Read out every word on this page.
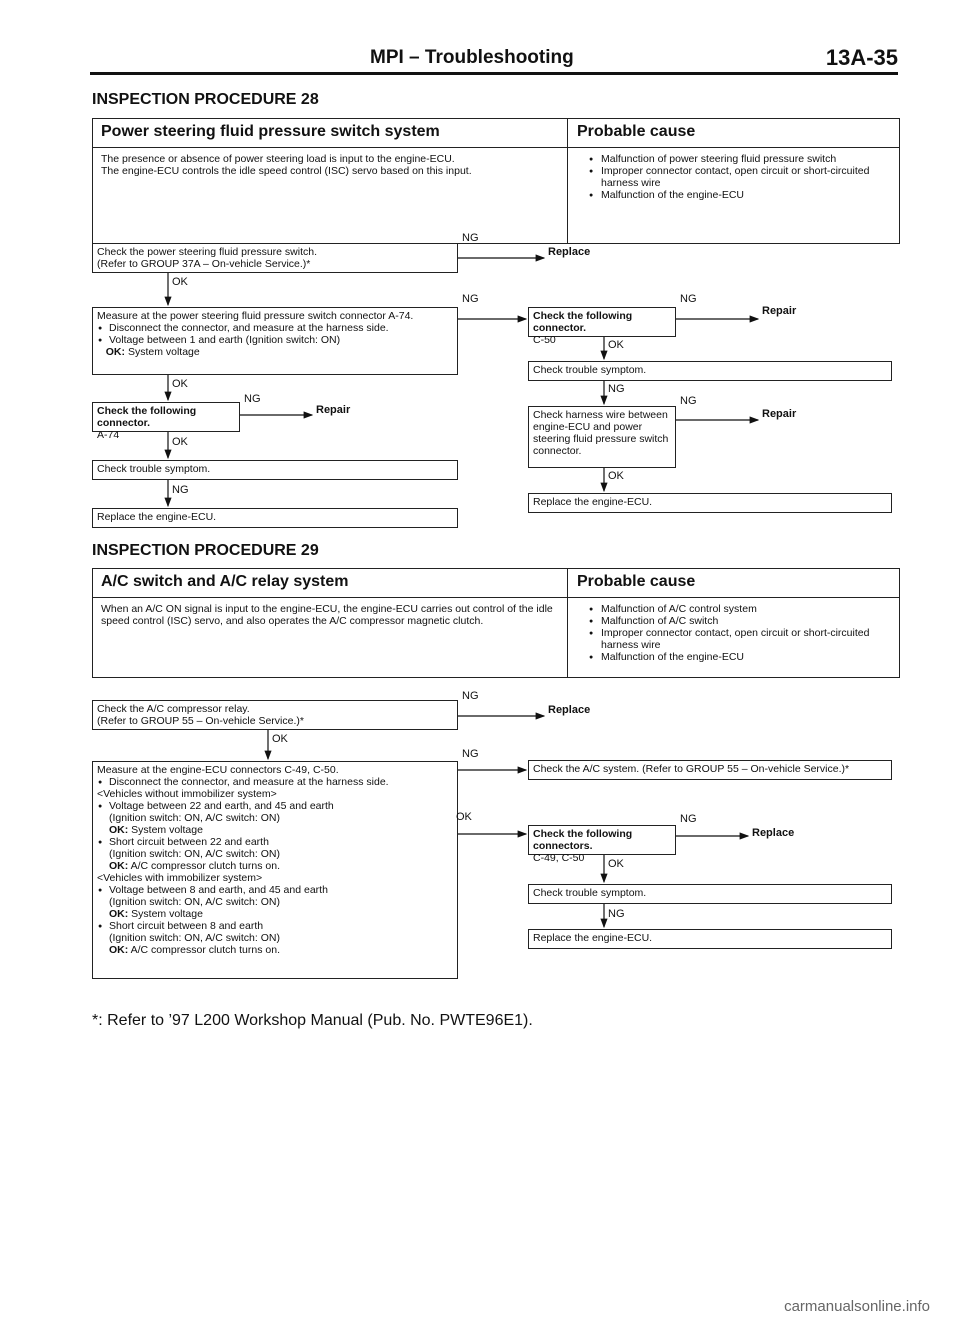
MPI – Troubleshooting	13A-35
INSPECTION PROCEDURE 28
Power steering fluid pressure switch system	Probable cause
The presence or absence of power steering load is input to the engine-ECU.
The engine-ECU controls the idle speed control (ISC) servo based on this input.
● Malfunction of power steering fluid pressure switch
● Improper connector contact, open circuit or short-circuited harness wire
● Malfunction of the engine-ECU
Check the power steering fluid pressure switch.
(Refer to GROUP 37A – On-vehicle Service.)*
Measure at the power steering fluid pressure switch connector A-74.
● Disconnect the connector, and measure at the harness side.
● Voltage between 1 and earth (Ignition switch: ON)
OK: System voltage
Check the following connector.
A-74
Check trouble symptom.
Replace the engine-ECU.
Check the following connector.
C-50
Check trouble symptom.
Check harness wire between engine-ECU and power steering fluid pressure switch connector.
Replace the engine-ECU.
NG
Replace
OK
NG	NG
Repair
OK
OK	NG
NG
Repair
NG
Repair
OK
OK
NG
INSPECTION PROCEDURE 29
A/C switch and A/C relay system	Probable cause
When an A/C ON signal is input to the engine-ECU, the engine-ECU carries out control of the idle speed control (ISC) servo, and also operates the A/C compressor magnetic clutch.
● Malfunction of A/C control system
● Malfunction of A/C switch
● Improper connector contact, open circuit or short-circuited harness wire
● Malfunction of the engine-ECU
Check the A/C compressor relay.
(Refer to GROUP 55 – On-vehicle Service.)*
Measure at the engine-ECU connectors C-49, C-50.
● Disconnect the connector, and measure at the harness side.
<Vehicles without immobilizer system>
● Voltage between 22 and earth, and 45 and earth
(Ignition switch: ON, A/C switch: ON)
OK: System voltage
● Short circuit between 22 and earth
(Ignition switch: ON, A/C switch: ON)
OK: A/C compressor clutch turns on.
<Vehicles with immobilizer system>
● Voltage between 8 and earth, and 45 and earth
(Ignition switch: ON, A/C switch: ON)
OK: System voltage
● Short circuit between 8 and earth
(Ignition switch: ON, A/C switch: ON)
OK: A/C compressor clutch turns on.
Check the A/C system. (Refer to GROUP 55 – On-vehicle Service.)*
Check the following connectors.
C-49, C-50
Check trouble symptom.
Replace the engine-ECU.
NG
Replace
OK
NG
OK	NG
Replace
OK
NG
*: Refer to ’97 L200 Workshop Manual (Pub. No. PWTE96E1).
carmanualsonline.info
